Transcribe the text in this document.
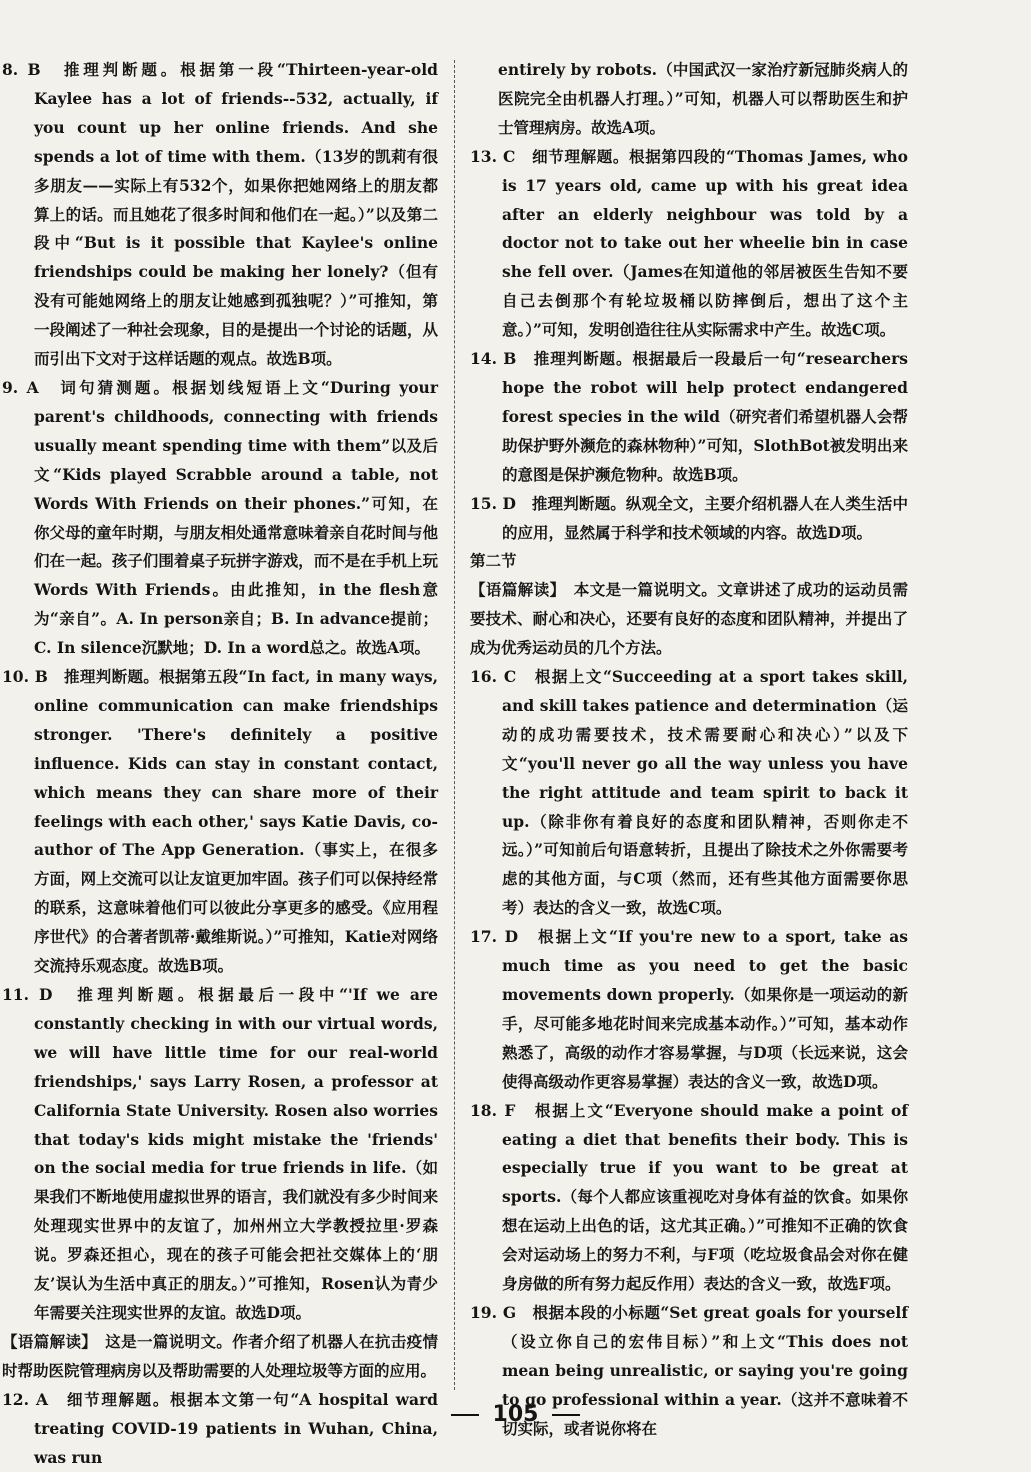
8. B　推理判断题。根据第一段“Thirteen-year-old Kaylee has a lot of friends--532, actually, if you count up her online friends. And she spends a lot of time with them.（13岁的凯莉有很多朋友——实际上有532个，如果你把她网络上的朋友都算上的话。而且她花了很多时间和他们在一起。）”以及第二段中“But is it possible that Kaylee's online friendships could be making her lonely?（但有没有可能她网络上的朋友让她感到孤独呢？）”可推知，第一段阐述了一种社会现象，目的是提出一个讨论的话题，从而引出下文对于这样话题的观点。故选B项。
9. A　词句猜测题。根据划线短语上文“During your parent's childhoods, connecting with friends usually meant spending time with them”以及后文“Kids played Scrabble around a table, not Words With Friends on their phones.”可知，在你父母的童年时期，与朋友相处通常意味着亲自花时间与他们在一起。孩子们围着桌子玩拼字游戏，而不是在手机上玩Words With Friends。由此推知，in the flesh意为“亲自”。A. In person亲自；B. In advance提前；C. In silence沉默地；D. In a word总之。故选A项。
10. B　推理判断题。根据第五段“In fact, in many ways, online communication can make friendships stronger. 'There's definitely a positive influence. Kids can stay in constant contact, which means they can share more of their feelings with each other,' says Katie Davis, co-author of The App Generation.（事实上，在很多方面，网上交流可以让友谊更加牢固。孩子们可以保持经常的联系，这意味着他们可以彼此分享更多的感受。《应用程序世代》的合著者凯蒂·戴维斯说。）”可推知，Katie对网络交流持乐观态度。故选B项。
11. D　推理判断题。根据最后一段中“'If we are constantly checking in with our virtual words, we will have little time for our real-world friendships,' says Larry Rosen, a professor at California State University. Rosen also worries that today's kids might mistake the 'friends' on the social media for true friends in life.（如果我们不断地使用虚拟世界的语言，我们就没有多少时间来处理现实世界中的友谊了，加州州立大学教授拉里·罗森说。罗森还担心，现在的孩子可能会把社交媒体上的‘朋友’误认为生活中真正的朋友。）”可推知，Rosen认为青少年需要关注现实世界的友谊。故选D项。
【语篇解读】　这是一篇说明文。作者介绍了机器人在抗击疫情时帮助医院管理病房以及帮助需要的人处理垃圾等方面的应用。
12. A　细节理解题。根据本文第一句“A hospital ward treating COVID-19 patients in Wuhan, China, was run
entirely by robots.（中国武汉一家治疗新冠肺炎病人的医院完全由机器人打理。）”可知，机器人可以帮助医生和护士管理病房。故选A项。
13. C　细节理解题。根据第四段的“Thomas James, who is 17 years old, came up with his great idea after an elderly neighbour was told by a doctor not to take out her wheelie bin in case she fell over.（James在知道他的邻居被医生告知不要自己去倒那个有轮垃圾桶以防摔倒后，想出了这个主意。）”可知，发明创造往往从实际需求中产生。故选C项。
14. B　推理判断题。根据最后一段最后一句“researchers hope the robot will help protect endangered forest species in the wild（研究者们希望机器人会帮助保护野外濒危的森林物种）”可知，SlothBot被发明出来的意图是保护濒危物种。故选B项。
15. D　推理判断题。纵观全文，主要介绍机器人在人类生活中的应用，显然属于科学和技术领域的内容。故选D项。
第二节
【语篇解读】　本文是一篇说明文。文章讲述了成功的运动员需要技术、耐心和决心，还要有良好的态度和团队精神，并提出了成为优秀运动员的几个方法。
16. C　根据上文“Succeeding at a sport takes skill, and skill takes patience and determination（运动的成功需要技术，技术需要耐心和决心）”以及下文“you'll never go all the way unless you have the right attitude and team spirit to back it up.（除非你有着良好的态度和团队精神，否则你走不远。）”可知前后句语意转折，且提出了除技术之外你需要考虑的其他方面，与C项（然而，还有些其他方面需要你思考）表达的含义一致，故选C项。
17. D　根据上文“If you're new to a sport, take as much time as you need to get the basic movements down properly.（如果你是一项运动的新手，尽可能多地花时间来完成基本动作。）”可知，基本动作熟悉了，高级的动作才容易掌握，与D项（长远来说，这会使得高级动作更容易掌握）表达的含义一致，故选D项。
18. F　根据上文“Everyone should make a point of eating a diet that benefits their body. This is especially true if you want to be great at sports.（每个人都应该重视吃对身体有益的饮食。如果你想在运动上出色的话，这尤其正确。）”可推知不正确的饮食会对运动场上的努力不利，与F项（吃垃圾食品会对你在健身房做的所有努力起反作用）表达的含义一致，故选F项。
19. G　根据本段的小标题“Set great goals for yourself（设立你自己的宏伟目标）”和上文“This does not mean being unrealistic, or saying you're going to go professional within a year.（这并不意味着不切实际，或者说你将在
105
